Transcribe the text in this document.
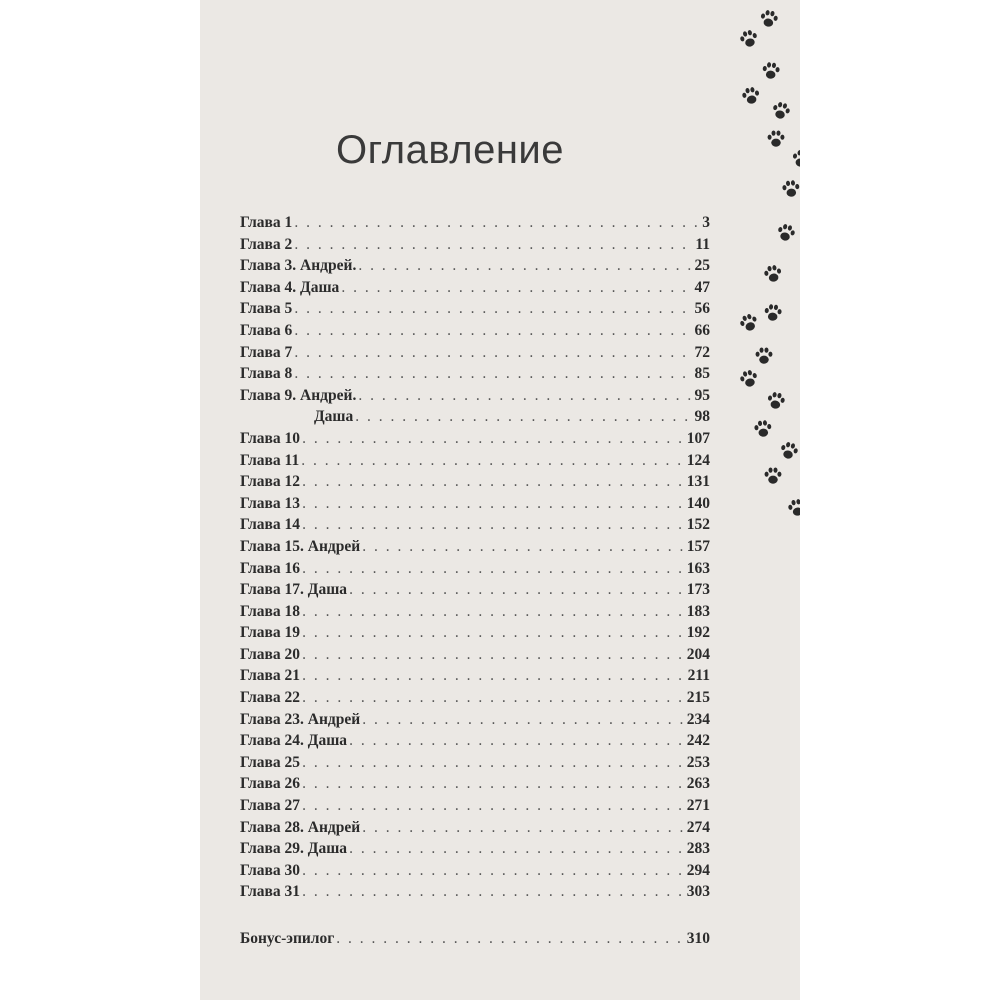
Оглавление
Глава 1 . . .	3
Глава 2 . . .	11
Глава 3. Андрей. . . .	25
Глава 4. Даша . . .	47
Глава 5 . . .	56
Глава 6 . . .	66
Глава 7 . . .	72
Глава 8 . . .	85
Глава 9. Андрей. . . .	95
Даша . . .	98
Глава 10 . . .	107
Глава 11 . . .	124
Глава 12 . . .	131
Глава 13 . . .	140
Глава 14 . . .	152
Глава 15. Андрей . . .	157
Глава 16 . . .	163
Глава 17. Даша . . .	173
Глава 18 . . .	183
Глава 19 . . .	192
Глава 20 . . .	204
Глава 21 . . .	211
Глава 22 . . .	215
Глава 23. Андрей . . .	234
Глава 24. Даша . . .	242
Глава 25 . . .	253
Глава 26 . . .	263
Глава 27 . . .	271
Глава 28. Андрей . . .	274
Глава 29. Даша . . .	283
Глава 30 . . .	294
Глава 31 . . .	303
Бонус-эпилог . . .	310
